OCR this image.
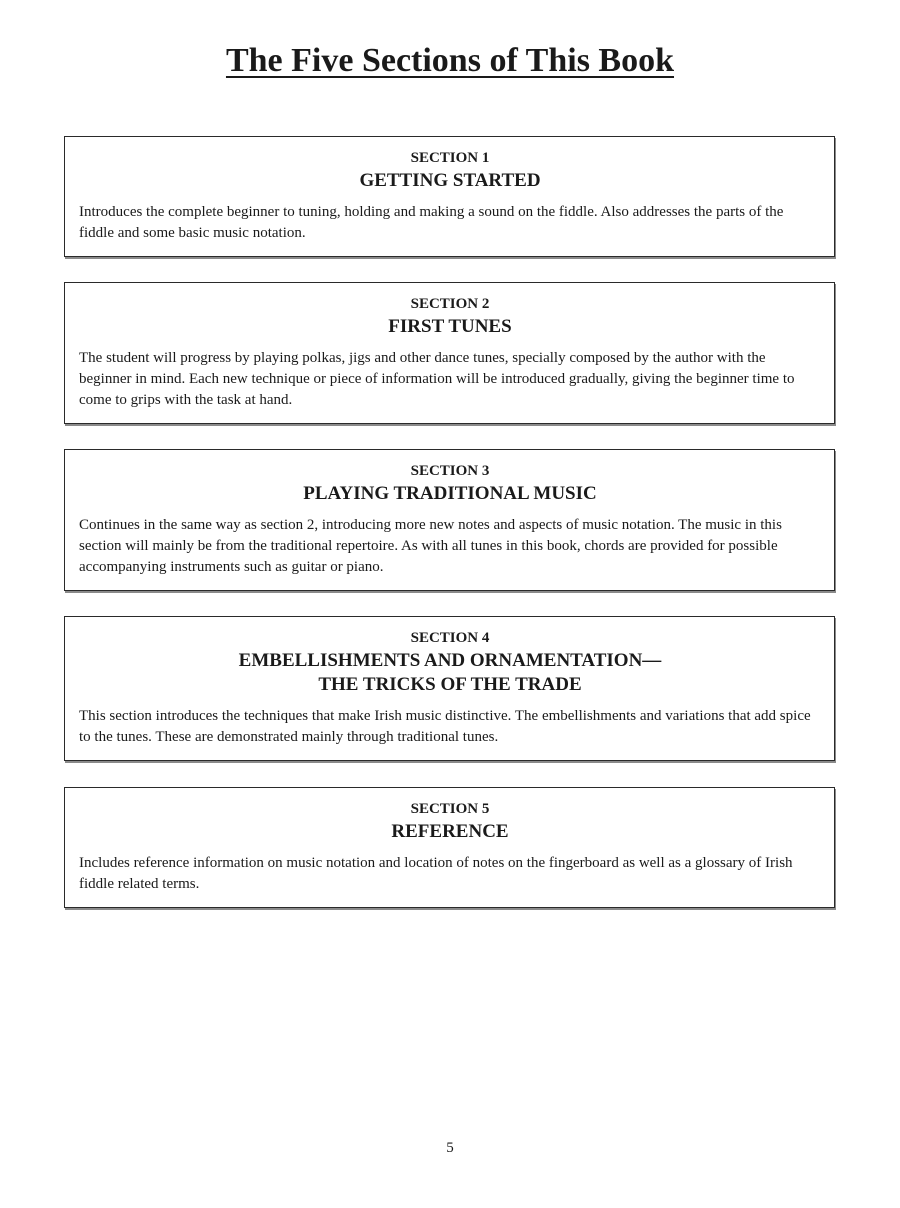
The Five Sections of This Book
SECTION 1
GETTING STARTED
Introduces the complete beginner to tuning, holding and making a sound on the fiddle. Also addresses the parts of the fiddle and some basic music notation.
SECTION 2
FIRST TUNES
The student will progress by playing polkas, jigs and other dance tunes, specially composed by the author with the beginner in mind. Each new technique or piece of information will be introduced gradually, giving the beginner time to come to grips with the task at hand.
SECTION 3
PLAYING TRADITIONAL MUSIC
Continues in the same way as section 2, introducing more new notes and aspects of music notation. The music in this section will mainly be from the traditional repertoire. As with all tunes in this book, chords are provided for possible accompanying instruments such as guitar or piano.
SECTION 4
EMBELLISHMENTS AND ORNAMENTATION—
THE TRICKS OF THE TRADE
This section introduces the techniques that make Irish music distinctive. The embellishments and variations that add spice to the tunes. These are demonstrated mainly through traditional tunes.
SECTION 5
REFERENCE
Includes reference information on music notation and location of notes on the fingerboard as well as a glossary of Irish fiddle related terms.
5
